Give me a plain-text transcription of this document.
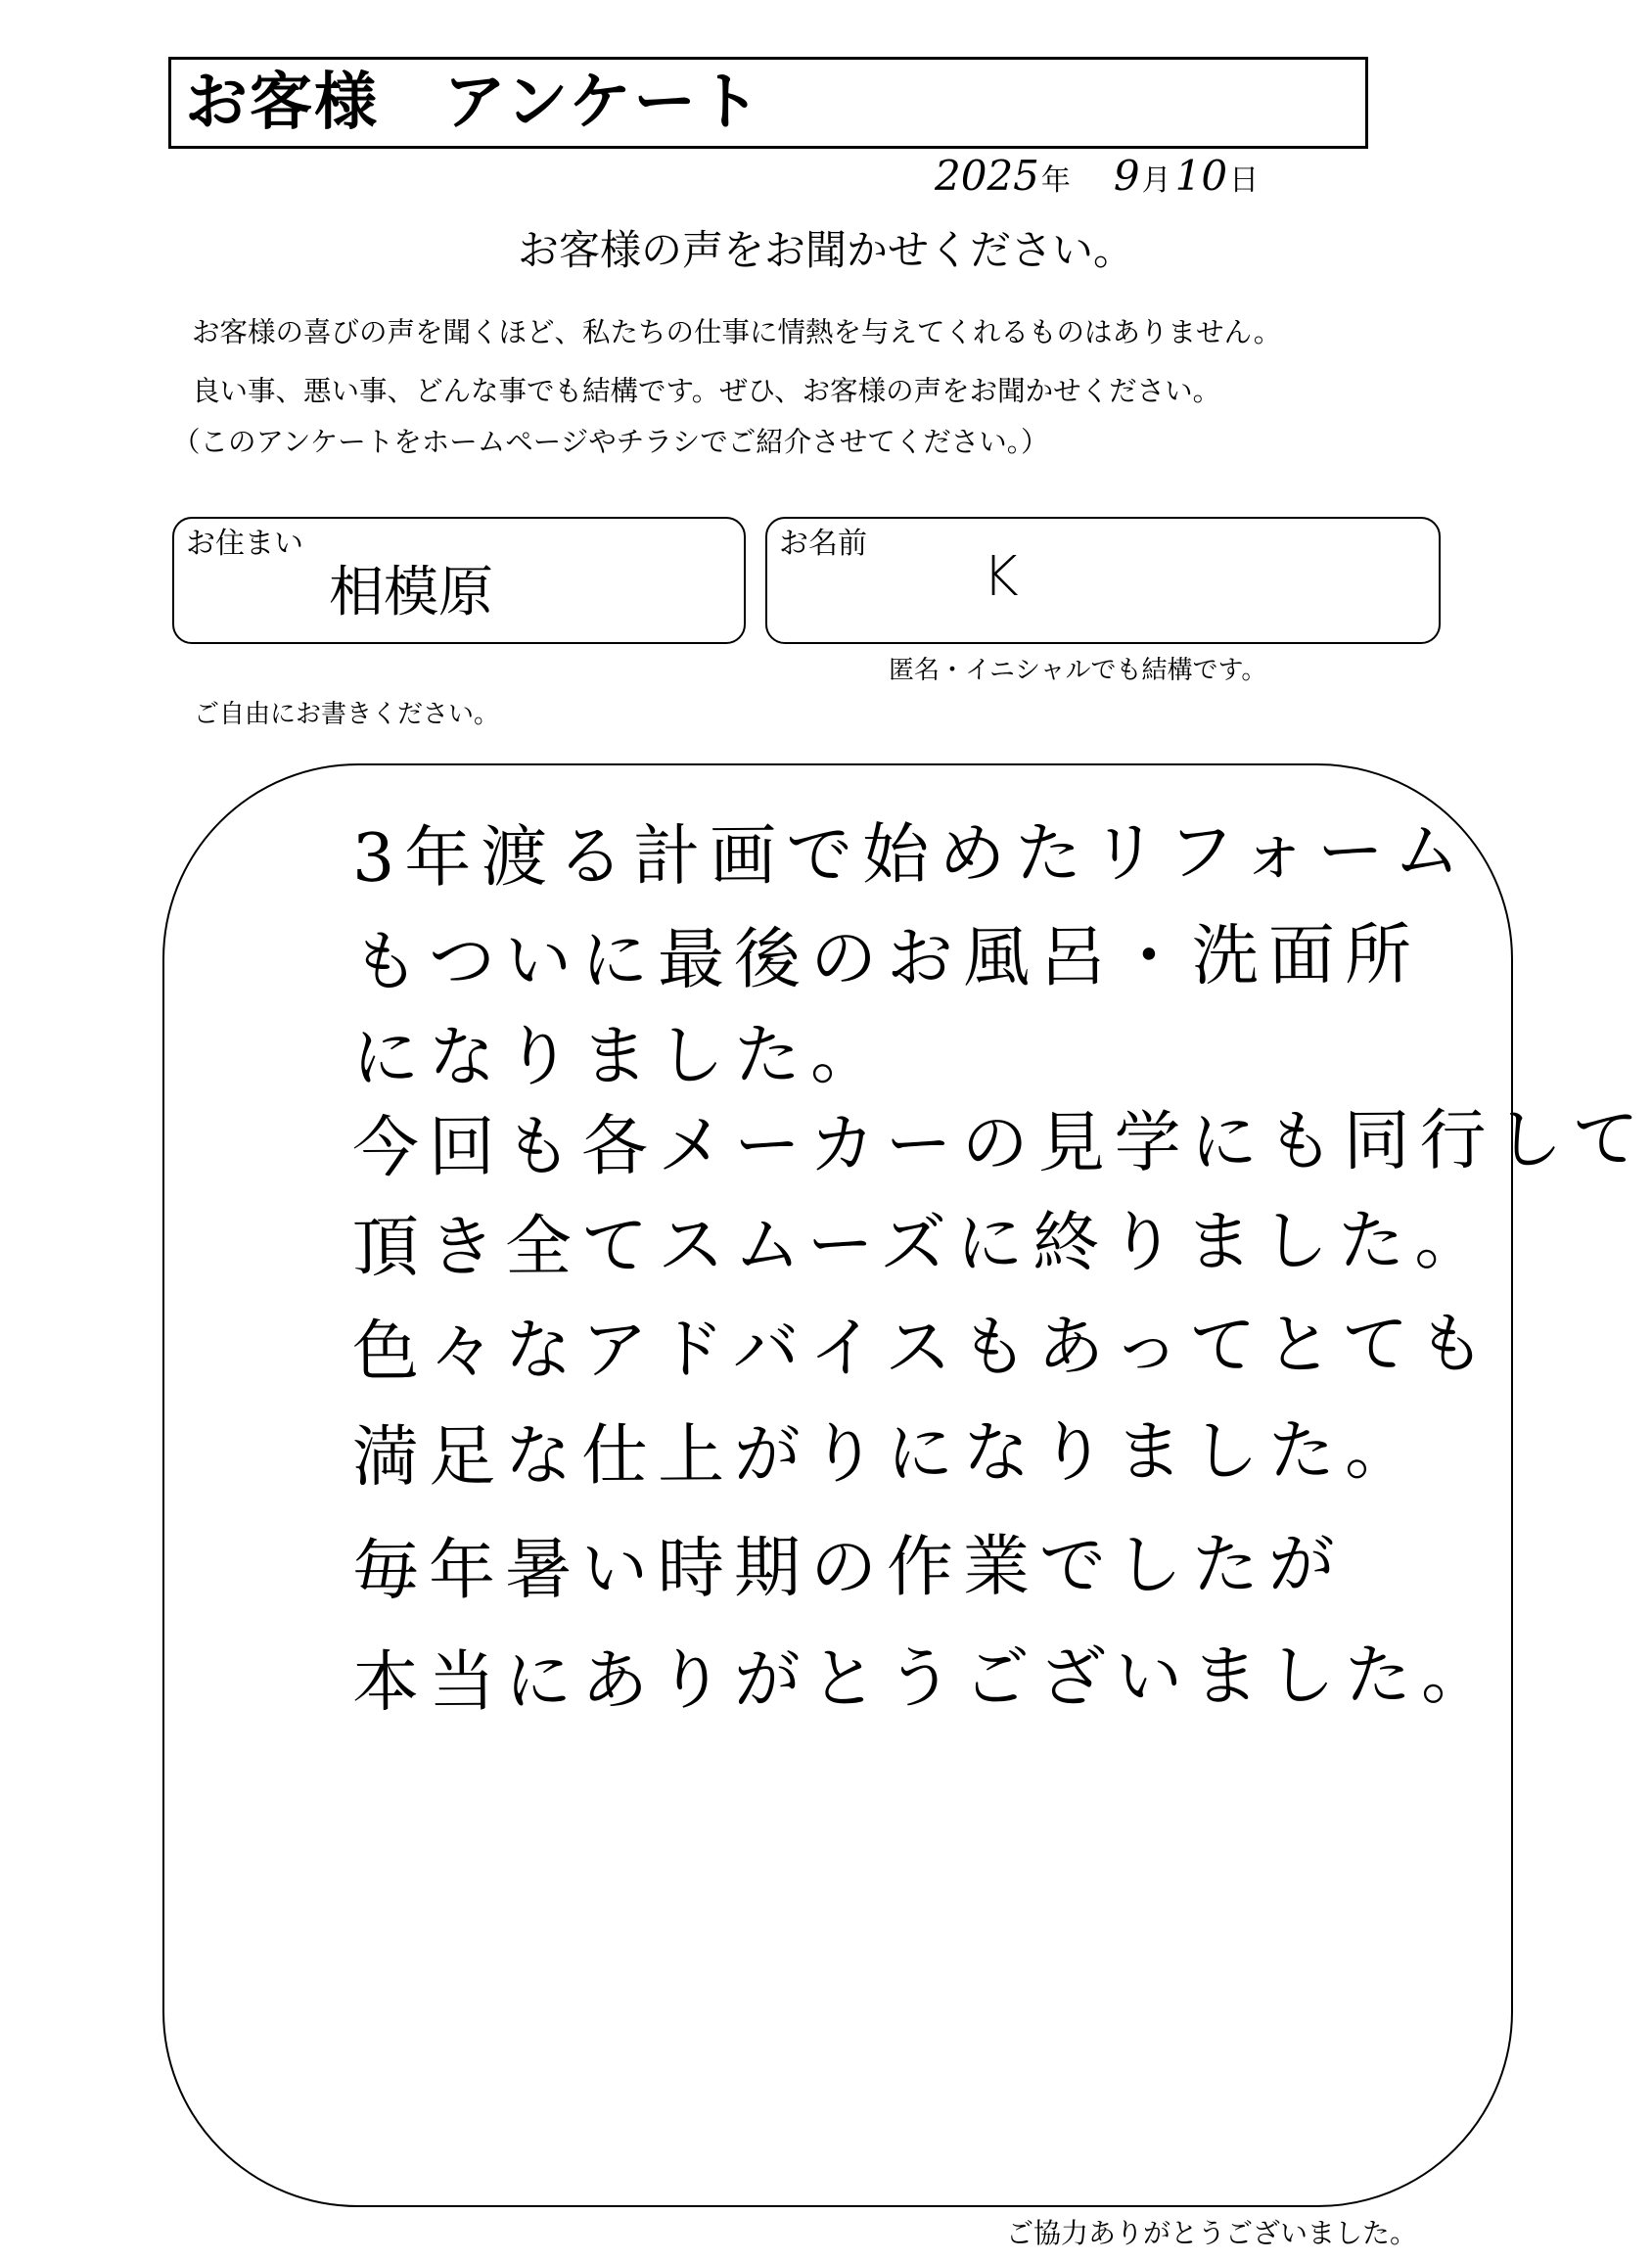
お客様　アンケート
2025年 9月10日
お客様の声をお聞かせください。
お客様の喜びの声を聞くほど、私たちの仕事に情熱を与えてくれるものはありません。
良い事、悪い事、どんな事でも結構です。ぜひ、お客様の声をお聞かせください。
（このアンケートをホームページやチラシでご紹介させてください。）
お住まい
相模原
お名前
K
匿名・イニシャルでも結構です。
ご自由にお書きください。
3年渡る計画で始めたリフォーム
もついに最後のお風呂・洗面所
になりました。
今回も各メーカーの見学にも同行して
頂き全てスムーズに終りました。
色々なアドバイスもあってとても
満足な仕上がりになりました。
毎年暑い時期の作業でしたが
本当にありがとうございました。
ご協力ありがとうございました。
